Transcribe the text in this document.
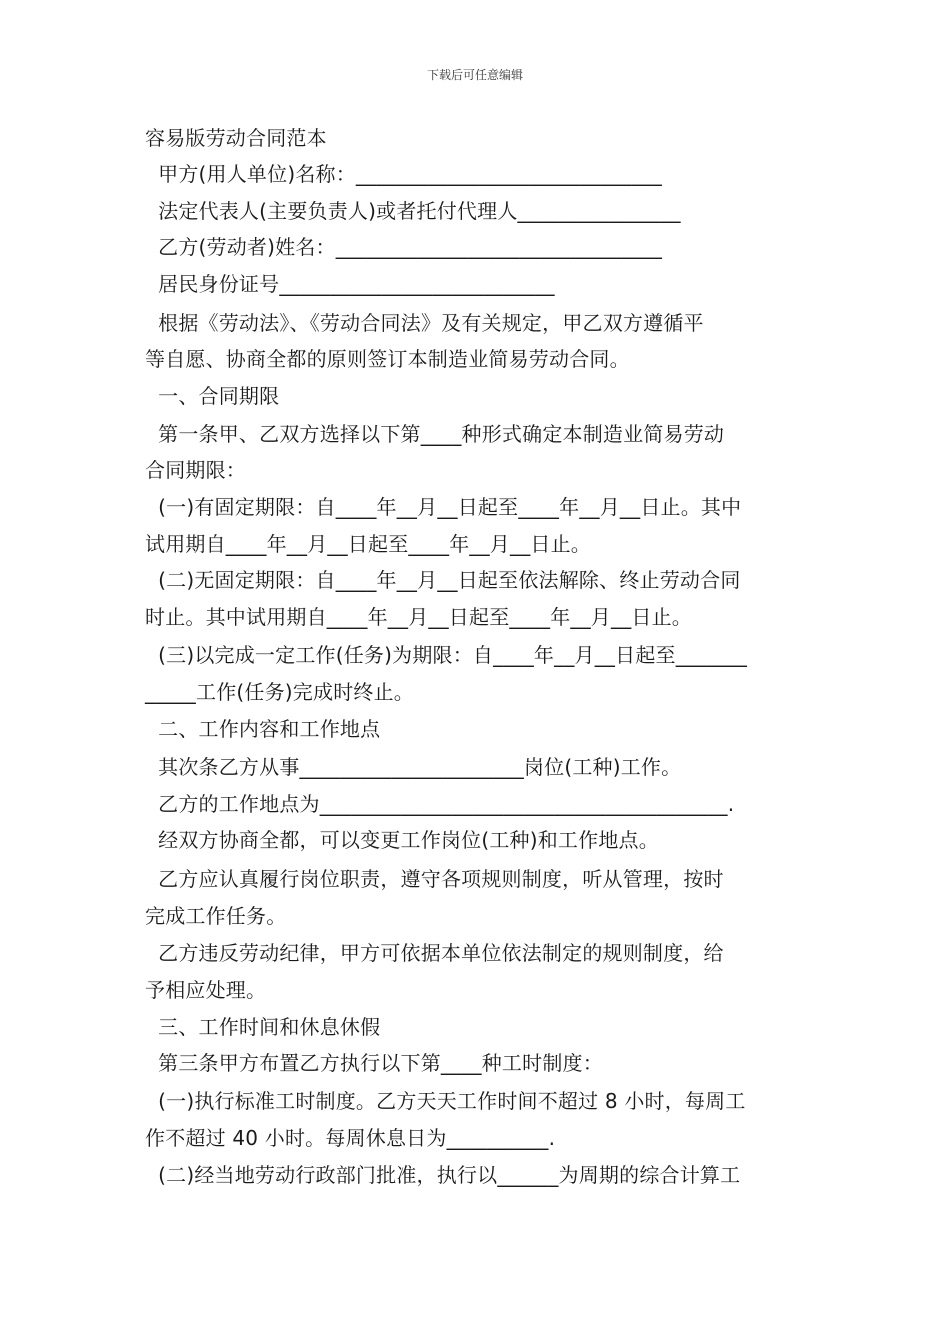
下载后可任意编辑
容易版劳动合同范本
甲方(用人单位)名称：______________________________
法定代表人(主要负责人)或者托付代理人________________
乙方(劳动者)姓名：________________________________
居民身份证号___________________________
根据《劳动法》、《劳动合同法》及有关规定，甲乙双方遵循平
等自愿、协商全都的原则签订本制造业简易劳动合同。
一、合同期限
第一条甲、乙双方选择以下第____种形式确定本制造业简易劳动
合同期限：
(一)有固定期限：自____年__月__日起至____年__月__日止。其中
试用期自____年__月__日起至____年__月__日止。
(二)无固定期限：自____年__月__日起至依法解除、终止劳动合同
时止。其中试用期自____年__月__日起至____年__月__日止。
(三)以完成一定工作(任务)为期限：自____年__月__日起至_______
_____工作(任务)完成时终止。
二、工作内容和工作地点
其次条乙方从事______________________岗位(工种)工作。
乙方的工作地点为________________________________________.
经双方协商全都，可以变更工作岗位(工种)和工作地点。
乙方应认真履行岗位职责，遵守各项规则制度，听从管理，按时
完成工作任务。
乙方违反劳动纪律，甲方可依据本单位依法制定的规则制度，给
予相应处理。
三、工作时间和休息休假
第三条甲方布置乙方执行以下第____种工时制度：
(一)执行标准工时制度。乙方天天工作时间不超过 8 小时，每周工
作不超过 40 小时。每周休息日为__________.
(二)经当地劳动行政部门批准，执行以______为周期的综合计算工
